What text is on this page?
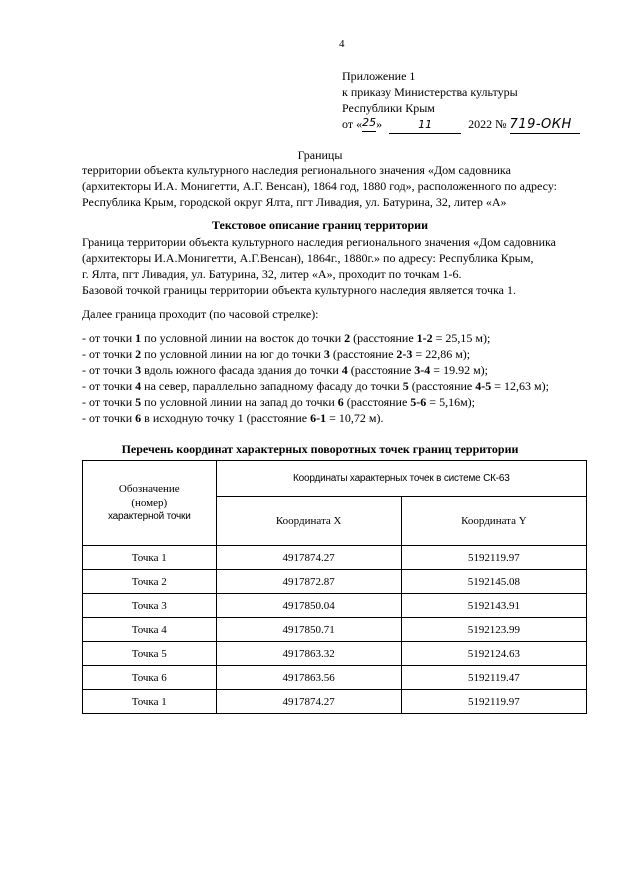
4
Приложение 1
к приказу Министерства культуры
Республики Крым
от «25»	11	2022 № 719-ОКН
Границы
территории объекта культурного наследия регионального значения «Дом садовника
(архитекторы И.А. Монигетти, А.Г. Венсан), 1864 год, 1880 год», расположенного по адресу:
Республика Крым, городской округ Ялта, пгт Ливадия, ул. Батурина, 32, литер «А»
Текстовое описание границ территории
Граница территории объекта культурного наследия регионального значения «Дом садовника
(архитекторы И.А.Монигетти, А.Г.Венсан), 1864г., 1880г.» по адресу: Республика Крым,
г. Ялта, пгт Ливадия, ул. Батурина, 32, литер «А», проходит по точкам 1-6.
Базовой точкой границы территории объекта культурного наследия является точка 1.
Далее граница проходит (по часовой стрелке):
- от точки 1 по условной линии на восток до точки 2 (расстояние 1-2 = 25,15 м);
- от точки 2 по условной линии на юг до точки 3 (расстояние 2-3 = 22,86 м);
- от точки 3 вдоль южного фасада здания до точки 4 (расстояние 3-4 = 19.92 м);
- от точки 4 на север, параллельно западному фасаду до точки 5 (расстояние 4-5 = 12,63 м);
- от точки 5 по условной линии на запад до точки 6 (расстояние 5-6 = 5,16м);
- от точки 6 в исходную точку 1 (расстояние 6-1 = 10,72 м).
Перечень координат характерных поворотных точек границ территории
Обозначение
(номер)
характерной точки	Координаты характерных точек в системе СК-63	
	Координата X	Координата Y
Точка 1	4917874.27	5192119.97
Точка 2	4917872.87	5192145.08
Точка 3	4917850.04	5192143.91
Точка 4	4917850.71	5192123.99
Точка 5	4917863.32	5192124.63
Точка 6	4917863.56	5192119.47
Точка 1	4917874.27	5192119.97
